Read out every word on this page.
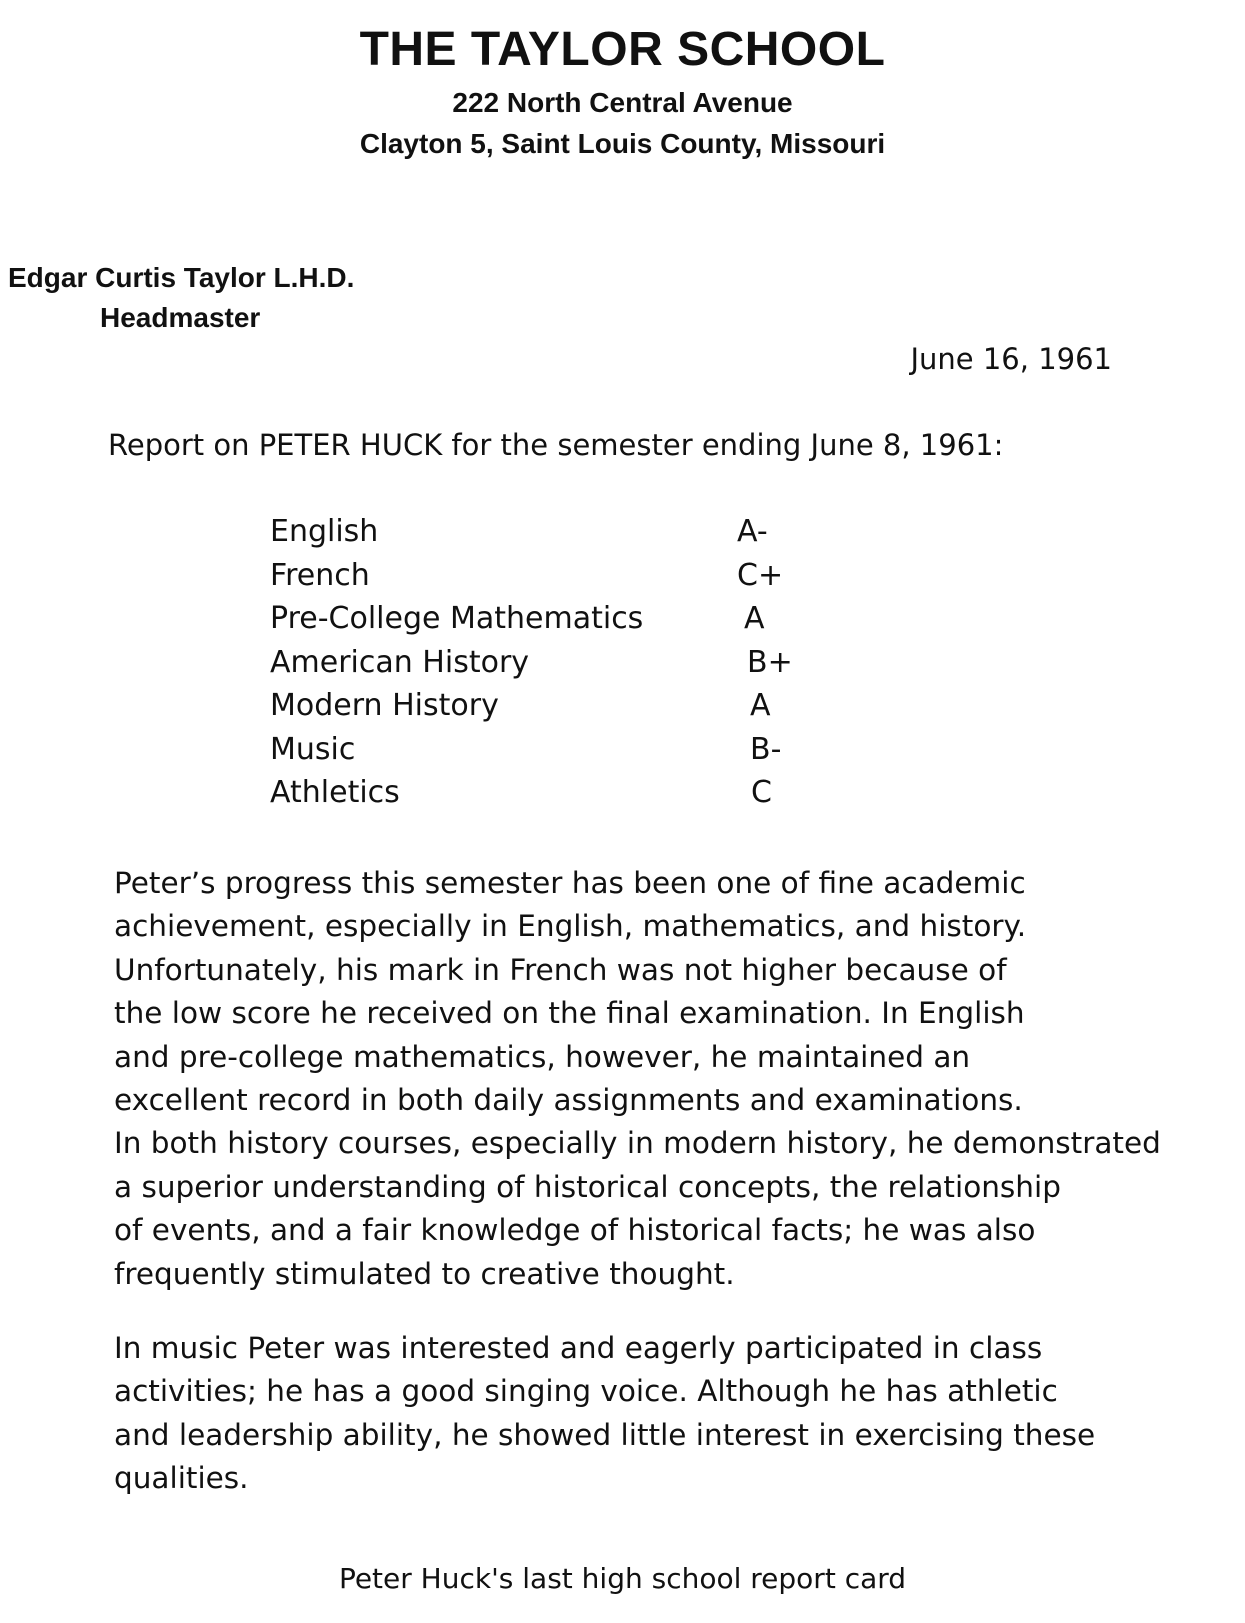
THE TAYLOR SCHOOL
222 North Central Avenue
Clayton 5, Saint Louis County, Missouri
Edgar Curtis Taylor L.H.D.
Headmaster
June 16, 1961
Report on PETER HUCK for the semester ending June 8, 1961:
English	A-
French	C+
Pre-College Mathematics	A
American History	B+
Modern History	A
Music	B-
Athletics	C

Peter’s progress this semester has been one of fine academic
achievement, especially in English, mathematics, and history.
Unfortunately, his mark in French was not higher because of
the low score he received on the final examination. In English
and pre-college mathematics, however, he maintained an
excellent record in both daily assignments and examinations.
In both history courses, especially in modern history, he demonstrated
a superior understanding of historical concepts, the relationship
of events, and a fair knowledge of historical facts; he was also
frequently stimulated to creative thought.

In music Peter was interested and eagerly participated in class
activities; he has a good singing voice. Although he has athletic
and leadership ability, he showed little interest in exercising these
qualities.

Peter Huck's last high school report card
